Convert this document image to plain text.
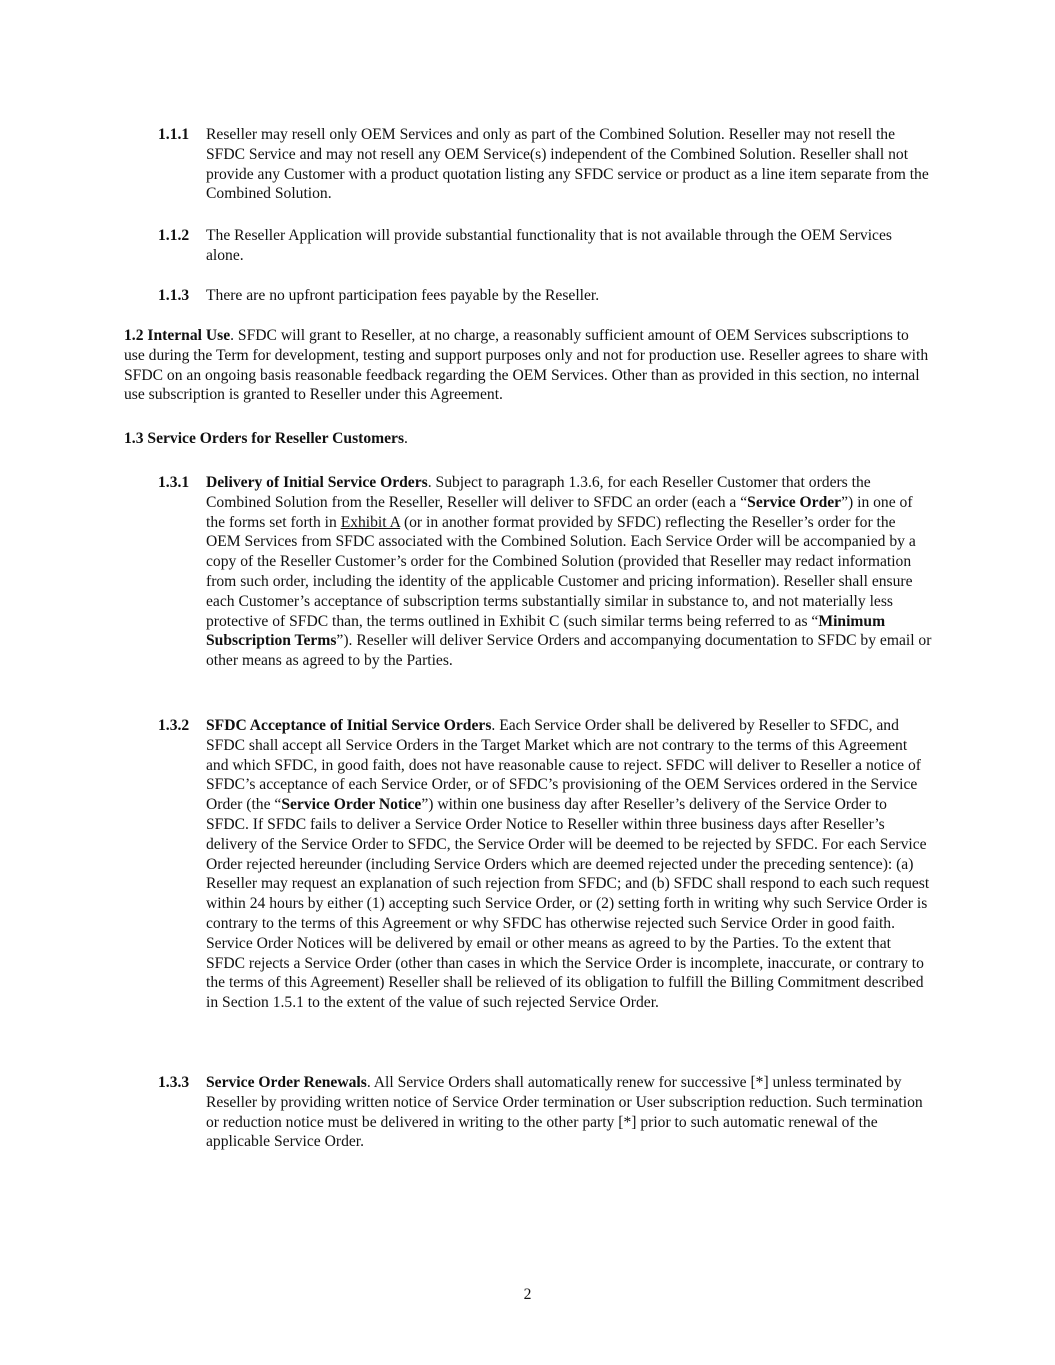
1.1.1 Reseller may resell only OEM Services and only as part of the Combined Solution. Reseller may not resell the SFDC Service and may not resell any OEM Service(s) independent of the Combined Solution. Reseller shall not provide any Customer with a product quotation listing any SFDC service or product as a line item separate from the Combined Solution.
1.1.2 The Reseller Application will provide substantial functionality that is not available through the OEM Services alone.
1.1.3 There are no upfront participation fees payable by the Reseller.
1.2 Internal Use. SFDC will grant to Reseller, at no charge, a reasonably sufficient amount of OEM Services subscriptions to use during the Term for development, testing and support purposes only and not for production use. Reseller agrees to share with SFDC on an ongoing basis reasonable feedback regarding the OEM Services. Other than as provided in this section, no internal use subscription is granted to Reseller under this Agreement.
1.3 Service Orders for Reseller Customers.
1.3.1 Delivery of Initial Service Orders. Subject to paragraph 1.3.6, for each Reseller Customer that orders the Combined Solution from the Reseller, Reseller will deliver to SFDC an order (each a “Service Order”) in one of the forms set forth in Exhibit A (or in another format provided by SFDC) reflecting the Reseller’s order for the OEM Services from SFDC associated with the Combined Solution. Each Service Order will be accompanied by a copy of the Reseller Customer’s order for the Combined Solution (provided that Reseller may redact information from such order, including the identity of the applicable Customer and pricing information). Reseller shall ensure each Customer’s acceptance of subscription terms substantially similar in substance to, and not materially less protective of SFDC than, the terms outlined in Exhibit C (such similar terms being referred to as “Minimum Subscription Terms”). Reseller will deliver Service Orders and accompanying documentation to SFDC by email or other means as agreed to by the Parties.
1.3.2 SFDC Acceptance of Initial Service Orders. Each Service Order shall be delivered by Reseller to SFDC, and SFDC shall accept all Service Orders in the Target Market which are not contrary to the terms of this Agreement and which SFDC, in good faith, does not have reasonable cause to reject. SFDC will deliver to Reseller a notice of SFDC’s acceptance of each Service Order, or of SFDC’s provisioning of the OEM Services ordered in the Service Order (the “Service Order Notice”) within one business day after Reseller’s delivery of the Service Order to SFDC. If SFDC fails to deliver a Service Order Notice to Reseller within three business days after Reseller’s delivery of the Service Order to SFDC, the Service Order will be deemed to be rejected by SFDC. For each Service Order rejected hereunder (including Service Orders which are deemed rejected under the preceding sentence): (a) Reseller may request an explanation of such rejection from SFDC; and (b) SFDC shall respond to each such request within 24 hours by either (1) accepting such Service Order, or (2) setting forth in writing why such Service Order is contrary to the terms of this Agreement or why SFDC has otherwise rejected such Service Order in good faith. Service Order Notices will be delivered by email or other means as agreed to by the Parties. To the extent that SFDC rejects a Service Order (other than cases in which the Service Order is incomplete, inaccurate, or contrary to the terms of this Agreement) Reseller shall be relieved of its obligation to fulfill the Billing Commitment described in Section 1.5.1 to the extent of the value of such rejected Service Order.
1.3.3 Service Order Renewals. All Service Orders shall automatically renew for successive [*] unless terminated by Reseller by providing written notice of Service Order termination or User subscription reduction. Such termination or reduction notice must be delivered in writing to the other party [*] prior to such automatic renewal of the applicable Service Order.
2
